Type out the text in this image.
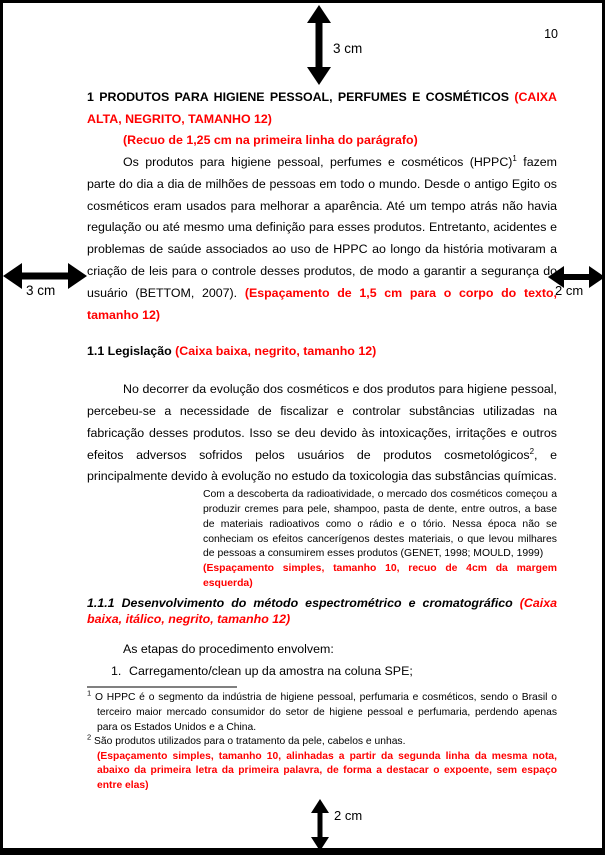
3 cm
3 cm	2 cm
2 cm
10

1 PRODUTOS PARA HIGIENE PESSOAL, PERFUMES E COSMÉTICOS (CAIXA ALTA, NEGRITO, TAMANHO 12)

(Recuo de 1,25 cm na primeira linha do parágrafo)

Os produtos para higiene pessoal, perfumes e cosméticos (HPPC)$^1$ fazem parte do dia a dia de milhões de pessoas em todo o mundo. Desde o antigo Egito os cosméticos eram usados para melhorar a aparência. Até um tempo atrás não havia regulação ou até mesmo uma definição para esses produtos. Entretanto, acidentes e problemas de saúde associados ao uso de HPPC ao longo da história motivaram a criação de leis para o controle desses produtos, de modo a garantir a segurança do usuário (BETTOM, 2007). (Espaçamento de 1,5 cm para o corpo do texto, tamanho 12)

1.1 Legislação (Caixa baixa, negrito, tamanho 12)

No decorrer da evolução dos cosméticos e dos produtos para higiene pessoal, percebeu-se a necessidade de fiscalizar e controlar substâncias utilizadas na fabricação desses produtos. Isso se deu devido às intoxicações, irritações e outros efeitos adversos sofridos pelos usuários de produtos cosmetológicos$^2$, e principalmente devido à evolução no estudo da toxicologia das substâncias químicas.

Com a descoberta da radioatividade, o mercado dos cosméticos começou a produzir cremes para pele, shampoo, pasta de dente, entre outros, a base de materiais radioativos como o rádio e o tório. Nessa época não se conheciam os efeitos cancerígenos destes materiais, o que levou milhares de pessoas a consumirem esses produtos (GENET, 1998; MOULD, 1999)
(Espaçamento simples, tamanho 10, recuo de 4cm da margem esquerda)

1.1.1 Desenvolvimento do método espectrométrico e cromatográfico (Caixa baixa, itálico, negrito, tamanho 12)

As etapas do procedimento envolvem:

1. Carregamento/clean up da amostra na coluna SPE;

$^1$ O HPPC é o segmento da indústria de higiene pessoal, perfumaria e cosméticos, sendo o Brasil o terceiro maior mercado consumidor do setor de higiene pessoal e perfumaria, perdendo apenas para os Estados Unidos e a China.

$^2$ São produtos utilizados para o tratamento da pele, cabelos e unhas.

(Espaçamento simples, tamanho 10, alinhadas a partir da segunda linha da mesma nota, abaixo da primeira letra da primeira palavra, de forma a destacar o expoente, sem espaço entre elas)
